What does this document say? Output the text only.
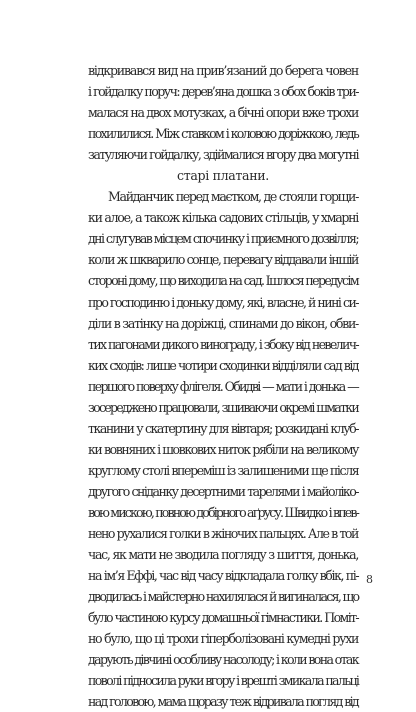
відкривався вид на прив’язаний до берега човен
і гойдалку поруч: дерев’яна дошка з обох боків три-
малася на двох мотузках, а бічні опори вже трохи
похилилися. Між ставком і коловою доріжкою, ледь
затуляючи гойдалку, здіймалися вгору два могутні
старі платани.
Майданчик перед маєтком, де стояли горщи-
ки алое, а також кілька садових стільців, у хмарні
дні слугував місцем спочинку і приємного дозвілля;
коли ж шкварило сонце, перевагу віддавали іншій
стороні дому, що виходила на сад. Ішлося передусім
про господиню і доньку дому, які, власне, й нині си-
діли в затінку на доріжці, спинами до вікон, обви-
тих пагонами дикого винограду, і збоку від невелич-
ких сходів: лише чотири сходинки відділяли сад від
першого поверху флігеля. Обидві — мати і донька —
зосереджено працювали, зшиваючи окремі шматки
тканини у скатертину для вівтаря; розкидані клуб-
ки вовняних і шовкових ниток рябіли на великому
круглому столі впереміш із залишеними ще після
другого сніданку десертними тарелями і майоліко-
вою мискою, повною добірного аґрусу. Швидко і впев-
нено рухалися голки в жіночих пальцях. Але в той
час, як мати не зводила погляду з шиття, донька,
на ім’я Еффі, час від часу відкладала голку вбік, пі-
дводилась і майстерно нахилялася й вигиналася, що
було частиною курсу домашньої гімнастики. Поміт-
но було, що ці трохи гіперболізовані кумедні рухи
дарують дівчині особливу насолоду; і коли вона отак
поволі підносила руки вгору і врешті змикала пальці
над головою, мама щоразу теж відривала погляд від
8
